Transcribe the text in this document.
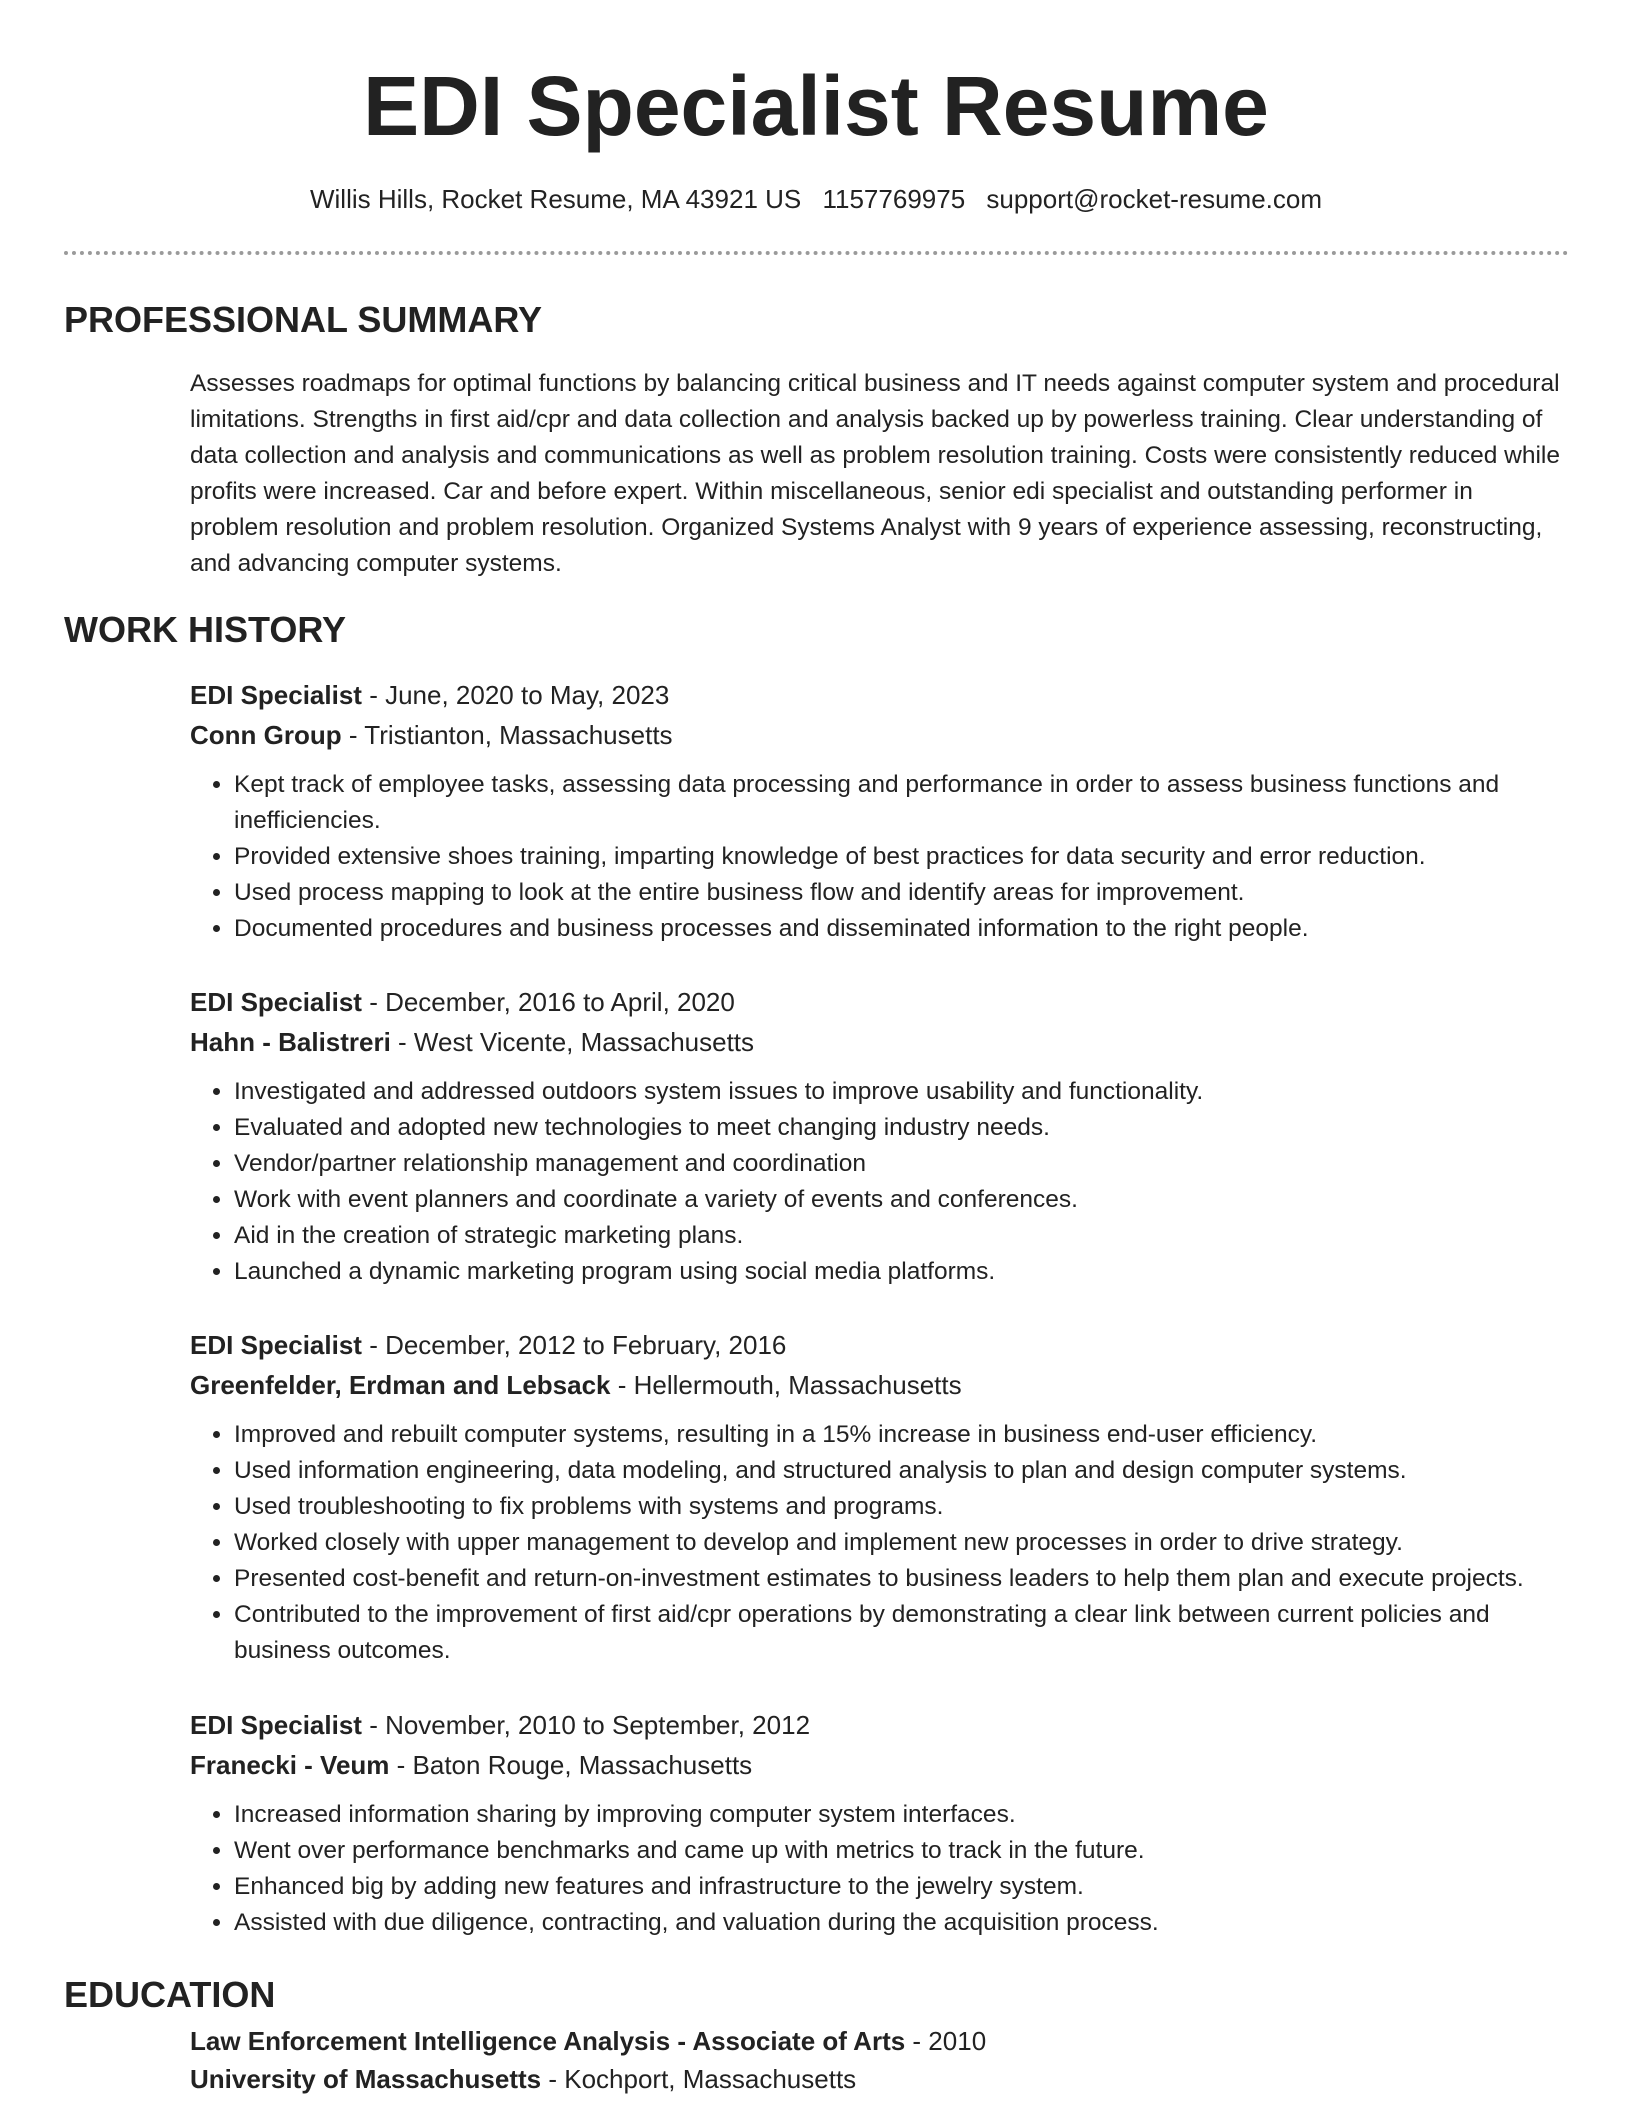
EDI Specialist Resume
Willis Hills, Rocket Resume, MA 43921 US 1157769975 support@rocket-resume.com
PROFESSIONAL SUMMARY

Assesses roadmaps for optimal functions by balancing critical business and IT needs against computer system and procedural limitations. Strengths in first aid/cpr and data collection and analysis backed up by powerless training. Clear understanding of data collection and analysis and communications as well as problem resolution training. Costs were consistently reduced while profits were increased. Car and before expert. Within miscellaneous, senior edi specialist and outstanding performer in problem resolution and problem resolution. Organized Systems Analyst with 9 years of experience assessing, reconstructing, and advancing computer systems.

WORK HISTORY

EDI Specialist - June, 2020 to May, 2023

Conn Group - Tristianton, Massachusetts

• Kept track of employee tasks, assessing data processing and performance in order to assess business functions and inefficiencies.
• Provided extensive shoes training, imparting knowledge of best practices for data security and error reduction.
• Used process mapping to look at the entire business flow and identify areas for improvement.
• Documented procedures and business processes and disseminated information to the right people.

EDI Specialist - December, 2016 to April, 2020

Hahn - Balistreri - West Vicente, Massachusetts

• Investigated and addressed outdoors system issues to improve usability and functionality.
• Evaluated and adopted new technologies to meet changing industry needs.
• Vendor/partner relationship management and coordination
• Work with event planners and coordinate a variety of events and conferences.
• Aid in the creation of strategic marketing plans.
• Launched a dynamic marketing program using social media platforms.

EDI Specialist - December, 2012 to February, 2016

Greenfelder, Erdman and Lebsack - Hellermouth, Massachusetts

• Improved and rebuilt computer systems, resulting in a 15% increase in business end-user efficiency.
• Used information engineering, data modeling, and structured analysis to plan and design computer systems.
• Used troubleshooting to fix problems with systems and programs.
• Worked closely with upper management to develop and implement new processes in order to drive strategy.
• Presented cost-benefit and return-on-investment estimates to business leaders to help them plan and execute projects.
• Contributed to the improvement of first aid/cpr operations by demonstrating a clear link between current policies and business outcomes.

EDI Specialist - November, 2010 to September, 2012

Franecki - Veum - Baton Rouge, Massachusetts

• Increased information sharing by improving computer system interfaces.
• Went over performance benchmarks and came up with metrics to track in the future.
• Enhanced big by adding new features and infrastructure to the jewelry system.
• Assisted with due diligence, contracting, and valuation during the acquisition process.
EDUCATION

Law Enforcement Intelligence Analysis - Associate of Arts - 2010

University of Massachusetts - Kochport, Massachusetts
